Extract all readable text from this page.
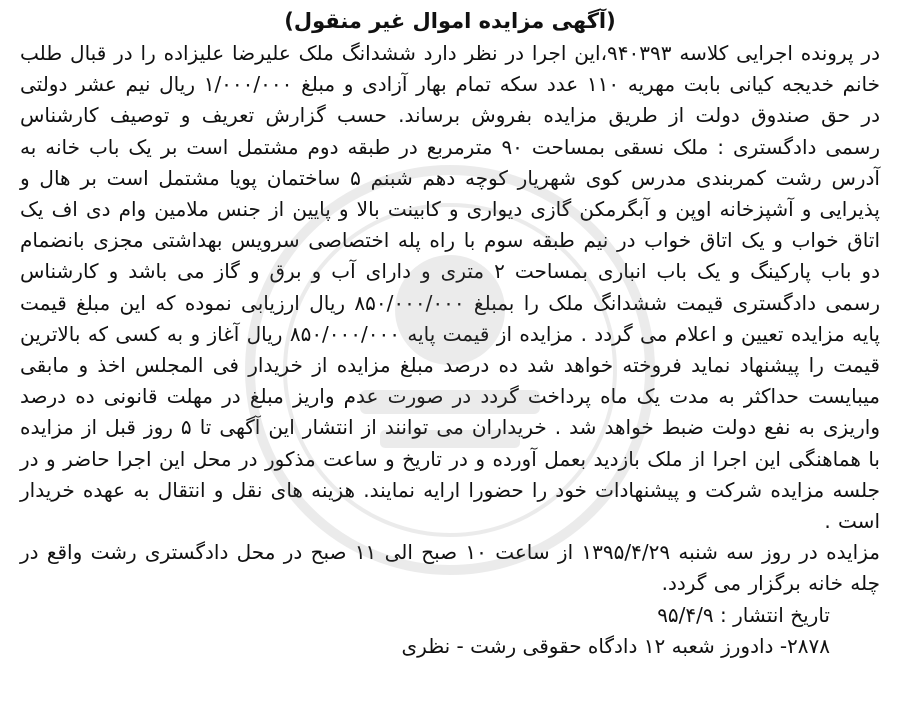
(آگهی مزایده اموال غیر منقول)

در پرونده اجرایی کلاسه ۹۴۰۳۹۳،این اجرا در نظر دارد ششدانگ ملک علیرضا علیزاده را در قبال طلب خانم خدیجه کیانی بابت مهریه ۱۱۰ عدد سکه تمام بهار آزادی و مبلغ ۱/۰۰۰/۰۰۰ ریال نیم عشر دولتی در حق صندوق دولت از طریق مزایده بفروش برساند. حسب گزارش تعریف و توصیف کارشناس رسمی دادگستری : ملک نسقی بمساحت ۹۰ مترمربع در طبقه دوم مشتمل است بر یک باب خانه به آدرس رشت کمربندی مدرس کوی شهریار کوچه دهم شبنم ۵ ساختمان پویا مشتمل است بر هال و پذیرایی و آشپزخانه اوپن و آبگرمکن گازی دیواری و کابینت بالا و پایین از جنس ملامین وام دی اف یک اتاق خواب و یک اتاق خواب در نیم طبقه سوم با راه پله اختصاصی سرویس بهداشتی مجزی بانضمام دو باب پارکینگ و یک باب انباری بمساحت ۲ متری و دارای آب و برق و گاز می باشد و کارشناس رسمی دادگستری قیمت ششدانگ ملک را بمبلغ ۸۵۰/۰۰۰/۰۰۰ ریال ارزیابی نموده که این مبلغ قیمت پایه مزایده تعیین و اعلام می گردد . مزایده از قیمت پایه ۸۵۰/۰۰۰/۰۰۰ ریال آغاز و به کسی که بالاترین قیمت را پیشنهاد نماید فروخته خواهد شد ده درصد مبلغ مزایده از خریدار فی المجلس اخذ و مابقی میبایست حداکثر به مدت یک ماه پرداخت گردد در صورت عدم واریز مبلغ در مهلت قانونی ده درصد واریزی به نفع دولت ضبط خواهد شد . خریداران می توانند از انتشار این آگهی تا ۵ روز قبل از مزایده با هماهنگی این اجرا از ملک بازدید بعمل آورده و در تاریخ و ساعت مذکور در محل این اجرا حاضر و در جلسه مزایده شرکت و پیشنهادات خود را حضورا ارایه نمایند. هزینه های نقل و انتقال به عهده خریدار است .

مزایده در روز سه شنبه ۱۳۹۵/۴/۲۹ از ساعت ۱۰ صبح الی ۱۱ صبح در محل دادگستری رشت واقع در چله خانه برگزار می گردد.

تاریخ انتشار : ۹۵/۴/۹

۲۸۷۸- دادورز شعبه ۱۲ دادگاه حقوقی رشت - نظری
